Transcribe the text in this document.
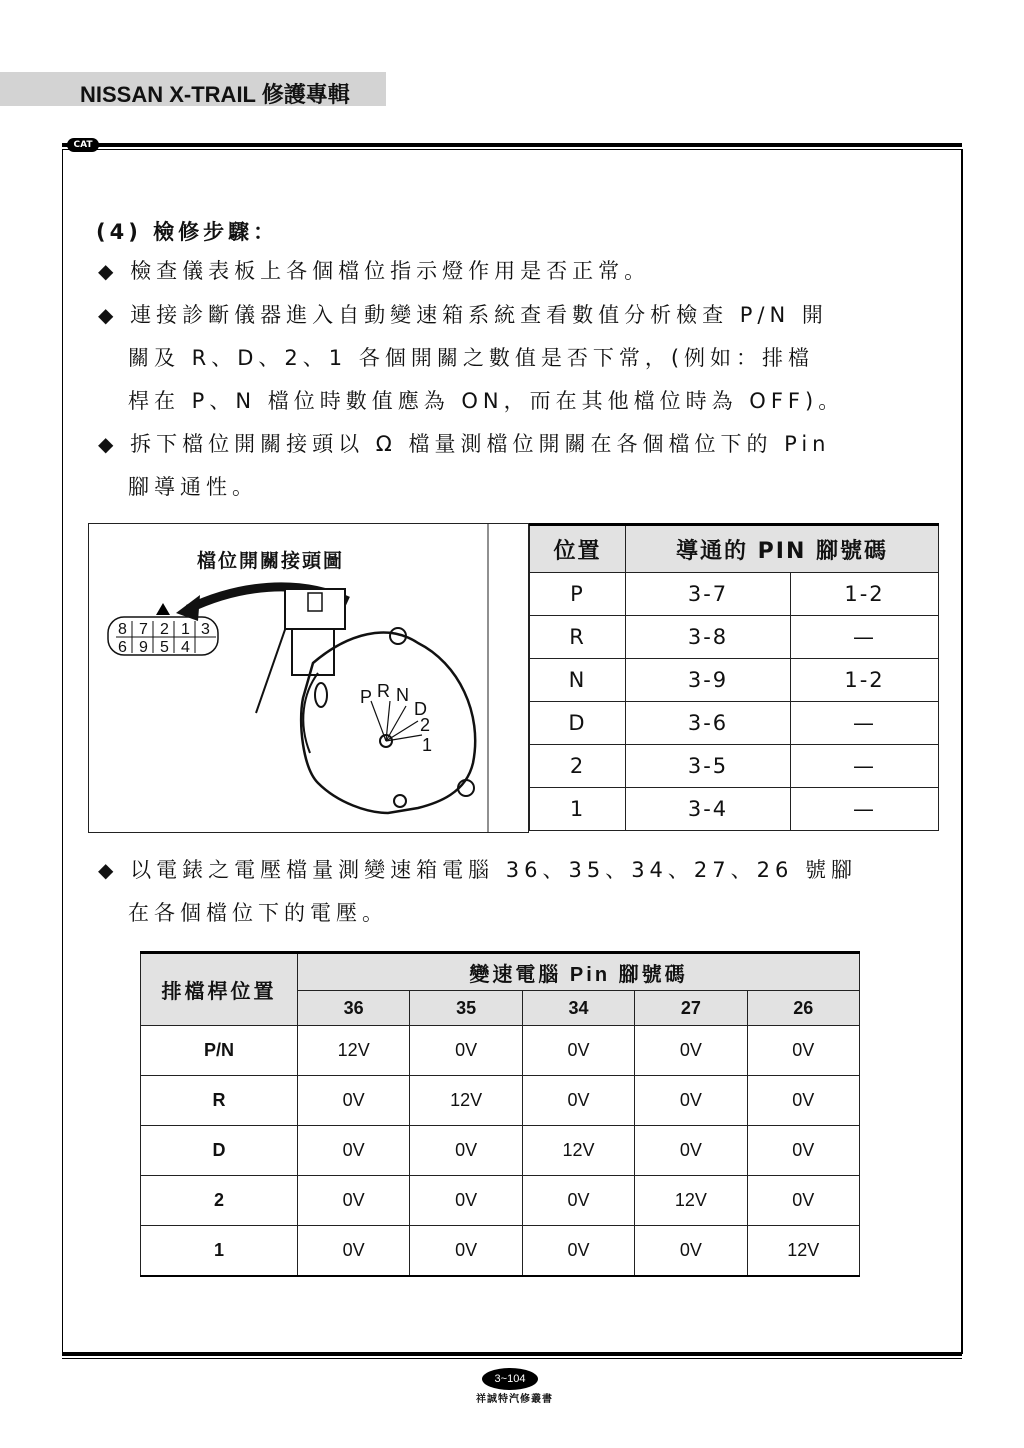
NISSAN X-TRAIL 修護專輯
CAT
(4) 檢修步驟：
◆ 檢查儀表板上各個檔位指示燈作用是否正常。
◆ 連接診斷儀器進入自動變速箱系統查看數值分析檢查 P/N 開
關及 R、D、2、1 各個開關之數值是否下常，(例如：排檔
桿在 P、N 檔位時數值應為 ON，而在其他檔位時為 OFF)。
◆ 拆下檔位開關接頭以 Ω 檔量測檔位開關在各個檔位下的 Pin
腳導通性。
檔位開關接頭圖
8 7 2 1 3
6 9 5 4
P R N
D
2
1
位置	導通的 PIN 腳號碼	
P	3-7	1-2
R	3-8	—
N	3-9	1-2
D	3-6	—
2	3-5	—
1	3-4	—
◆ 以電錶之電壓檔量測變速箱電腦 36、35、34、27、26 號腳
在各個檔位下的電壓。
排檔桿位置	變速電腦 Pin 腳號碼				
	36	35	34	27	26
P/N	12V	0V	0V	0V	0V
R	0V	12V	0V	0V	0V
D	0V	0V	12V	0V	0V
2	0V	0V	0V	12V	0V
1	0V	0V	0V	0V	12V
3~104
祥誠特汽修叢書
